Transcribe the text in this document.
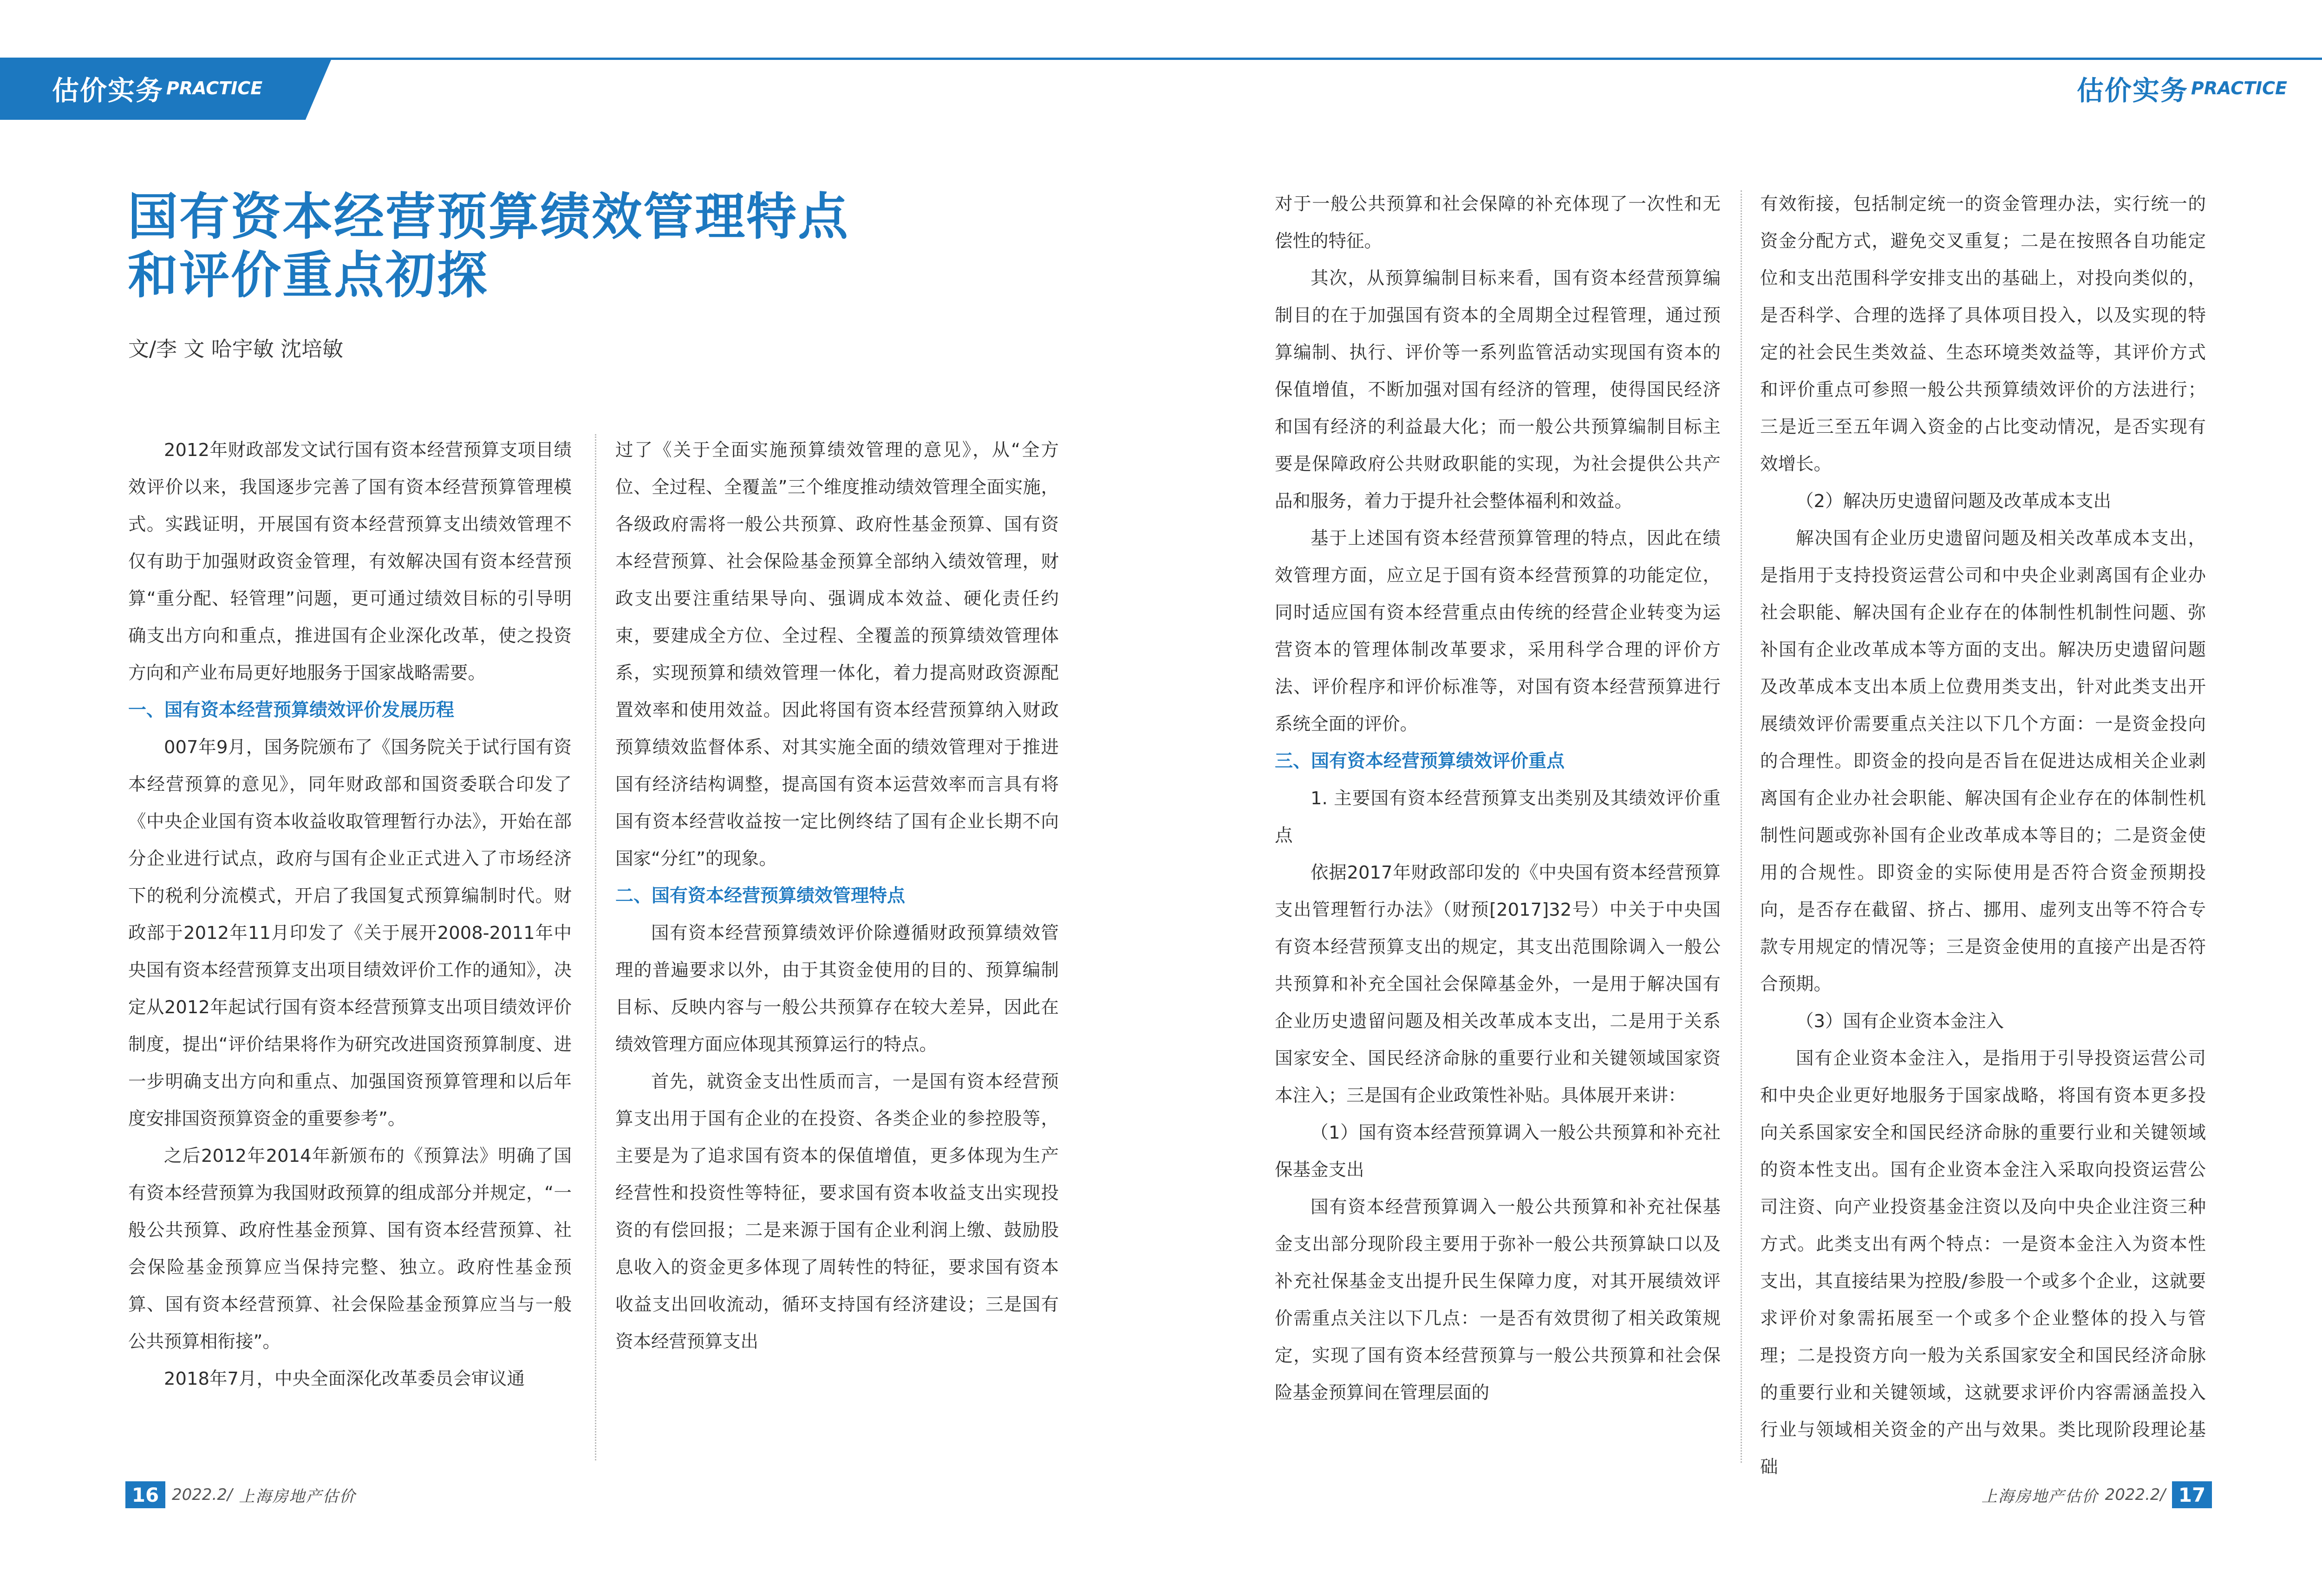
估价实务 PRACTICE	估价实务 PRACTICE
国有资本经营预算绩效管理特点
和评价重点初探
文/李 文 哈宇敏 沈培敏

2012年财政部发文试行国有资本经营预算支项目绩效评价以来，我国逐步完善了国有资本经营预算管理模式。实践证明，开展国有资本经营预算支出绩效管理不仅有助于加强财政资金管理，有效解决国有资本经营预算“重分配、轻管理”问题，更可通过绩效目标的引导明确支出方向和重点，推进国有企业深化改革，使之投资方向和产业布局更好地服务于国家战略需要。

一、国有资本经营预算绩效评价发展历程

007年9月，国务院颁布了《国务院关于试行国有资本经营预算的意见》，同年财政部和国资委联合印发了《中央企业国有资本收益收取管理暂行办法》，开始在部分企业进行试点，政府与国有企业正式进入了市场经济下的税利分流模式，开启了我国复式预算编制时代。财政部于2012年11月印发了《关于展开2008-2011年中央国有资本经营预算支出项目绩效评价工作的通知》，决定从2012年起试行国有资本经营预算支出项目绩效评价制度，提出“评价结果将作为研究改进国资预算制度、进一步明确支出方向和重点、加强国资预算管理和以后年度安排国资预算资金的重要参考”。

之后2012年2014年新颁布的《预算法》明确了国有资本经营预算为我国财政预算的组成部分并规定，“一般公共预算、政府性基金预算、国有资本经营预算、社会保险基金预算应当保持完整、独立。政府性基金预算、国有资本经营预算、社会保险基金预算应当与一般公共预算相衔接”。

2018年7月，中央全面深化改革委员会审议通

过了《关于全面实施预算绩效管理的意见》，从“全方位、全过程、全覆盖”三个维度推动绩效管理全面实施，各级政府需将一般公共预算、政府性基金预算、国有资本经营预算、社会保险基金预算全部纳入绩效管理，财政支出要注重结果导向、强调成本效益、硬化责任约束，要建成全方位、全过程、全覆盖的预算绩效管理体系，实现预算和绩效管理一体化，着力提高财政资源配置效率和使用效益。因此将国有资本经营预算纳入财政预算绩效监督体系、对其实施全面的绩效管理对于推进国有经济结构调整，提高国有资本运营效率而言具有将国有资本经营收益按一定比例终结了国有企业长期不向国家“分红”的现象。

二、国有资本经营预算绩效管理特点

国有资本经营预算绩效评价除遵循财政预算绩效管理的普遍要求以外，由于其资金使用的目的、预算编制目标、反映内容与一般公共预算存在较大差异，因此在绩效管理方面应体现其预算运行的特点。

首先，就资金支出性质而言，一是国有资本经营预算支出用于国有企业的在投资、各类企业的参控股等，主要是为了追求国有资本的保值增值，更多体现为生产经营性和投资性等特征，要求国有资本收益支出实现投资的有偿回报；二是来源于国有企业利润上缴、鼓励股息收入的资金更多体现了周转性的特征，要求国有资本收益支出回收流动，循环支持国有经济建设；三是国有资本经营预算支出

对于一般公共预算和社会保障的补充体现了一次性和无偿性的特征。

其次，从预算编制目标来看，国有资本经营预算编制目的在于加强国有资本的全周期全过程管理，通过预算编制、执行、评价等一系列监管活动实现国有资本的保值增值，不断加强对国有经济的管理，使得国民经济和国有经济的利益最大化；而一般公共预算编制目标主要是保障政府公共财政职能的实现，为社会提供公共产品和服务，着力于提升社会整体福利和效益。

基于上述国有资本经营预算管理的特点，因此在绩效管理方面，应立足于国有资本经营预算的功能定位，同时适应国有资本经营重点由传统的经营企业转变为运营资本的管理体制改革要求，采用科学合理的评价方法、评价程序和评价标准等，对国有资本经营预算进行系统全面的评价。

三、国有资本经营预算绩效评价重点

1. 主要国有资本经营预算支出类别及其绩效评价重点

依据2017年财政部印发的《中央国有资本经营预算支出管理暂行办法》（财预[2017]32号）中关于中央国有资本经营预算支出的规定，其支出范围除调入一般公共预算和补充全国社会保障基金外，一是用于解决国有企业历史遗留问题及相关改革成本支出，二是用于关系国家安全、国民经济命脉的重要行业和关键领域国家资本注入；三是国有企业政策性补贴。具体展开来讲：

（1）国有资本经营预算调入一般公共预算和补充社保基金支出

国有资本经营预算调入一般公共预算和补充社保基金支出部分现阶段主要用于弥补一般公共预算缺口以及补充社保基金支出提升民生保障力度，对其开展绩效评价需重点关注以下几点：一是否有效贯彻了相关政策规定，实现了国有资本经营预算与一般公共预算和社会保险基金预算间在管理层面的

有效衔接，包括制定统一的资金管理办法，实行统一的资金分配方式，避免交叉重复；二是在按照各自功能定位和支出范围科学安排支出的基础上，对投向类似的，是否科学、合理的选择了具体项目投入，以及实现的特定的社会民生类效益、生态环境类效益等，其评价方式和评价重点可参照一般公共预算绩效评价的方法进行；三是近三至五年调入资金的占比变动情况，是否实现有效增长。

（2）解决历史遗留问题及改革成本支出

解决国有企业历史遗留问题及相关改革成本支出，是指用于支持投资运营公司和中央企业剥离国有企业办社会职能、解决国有企业存在的体制性机制性问题、弥补国有企业改革成本等方面的支出。解决历史遗留问题及改革成本支出本质上位费用类支出，针对此类支出开展绩效评价需要重点关注以下几个方面：一是资金投向的合理性。即资金的投向是否旨在促进达成相关企业剥离国有企业办社会职能、解决国有企业存在的体制性机制性问题或弥补国有企业改革成本等目的；二是资金使用的合规性。即资金的实际使用是否符合资金预期投向，是否存在截留、挤占、挪用、虚列支出等不符合专款专用规定的情况等；三是资金使用的直接产出是否符合预期。

（3）国有企业资本金注入

国有企业资本金注入，是指用于引导投资运营公司和中央企业更好地服务于国家战略，将国有资本更多投向关系国家安全和国民经济命脉的重要行业和关键领域的资本性支出。国有企业资本金注入采取向投资运营公司注资、向产业投资基金注资以及向中央企业注资三种方式。此类支出有两个特点：一是资本金注入为资本性支出，其直接结果为控股/参股一个或多个企业，这就要求评价对象需拓展至一个或多个企业整体的投入与管理；二是投资方向一般为关系国家安全和国民经济命脉的重要行业和关键领域，这就要求评价内容需涵盖投入行业与领域相关资金的产出与效果。类比现阶段理论基础

16 2022.2/ 上海房地产估价	上海房地产估价 2022.2/ 17
